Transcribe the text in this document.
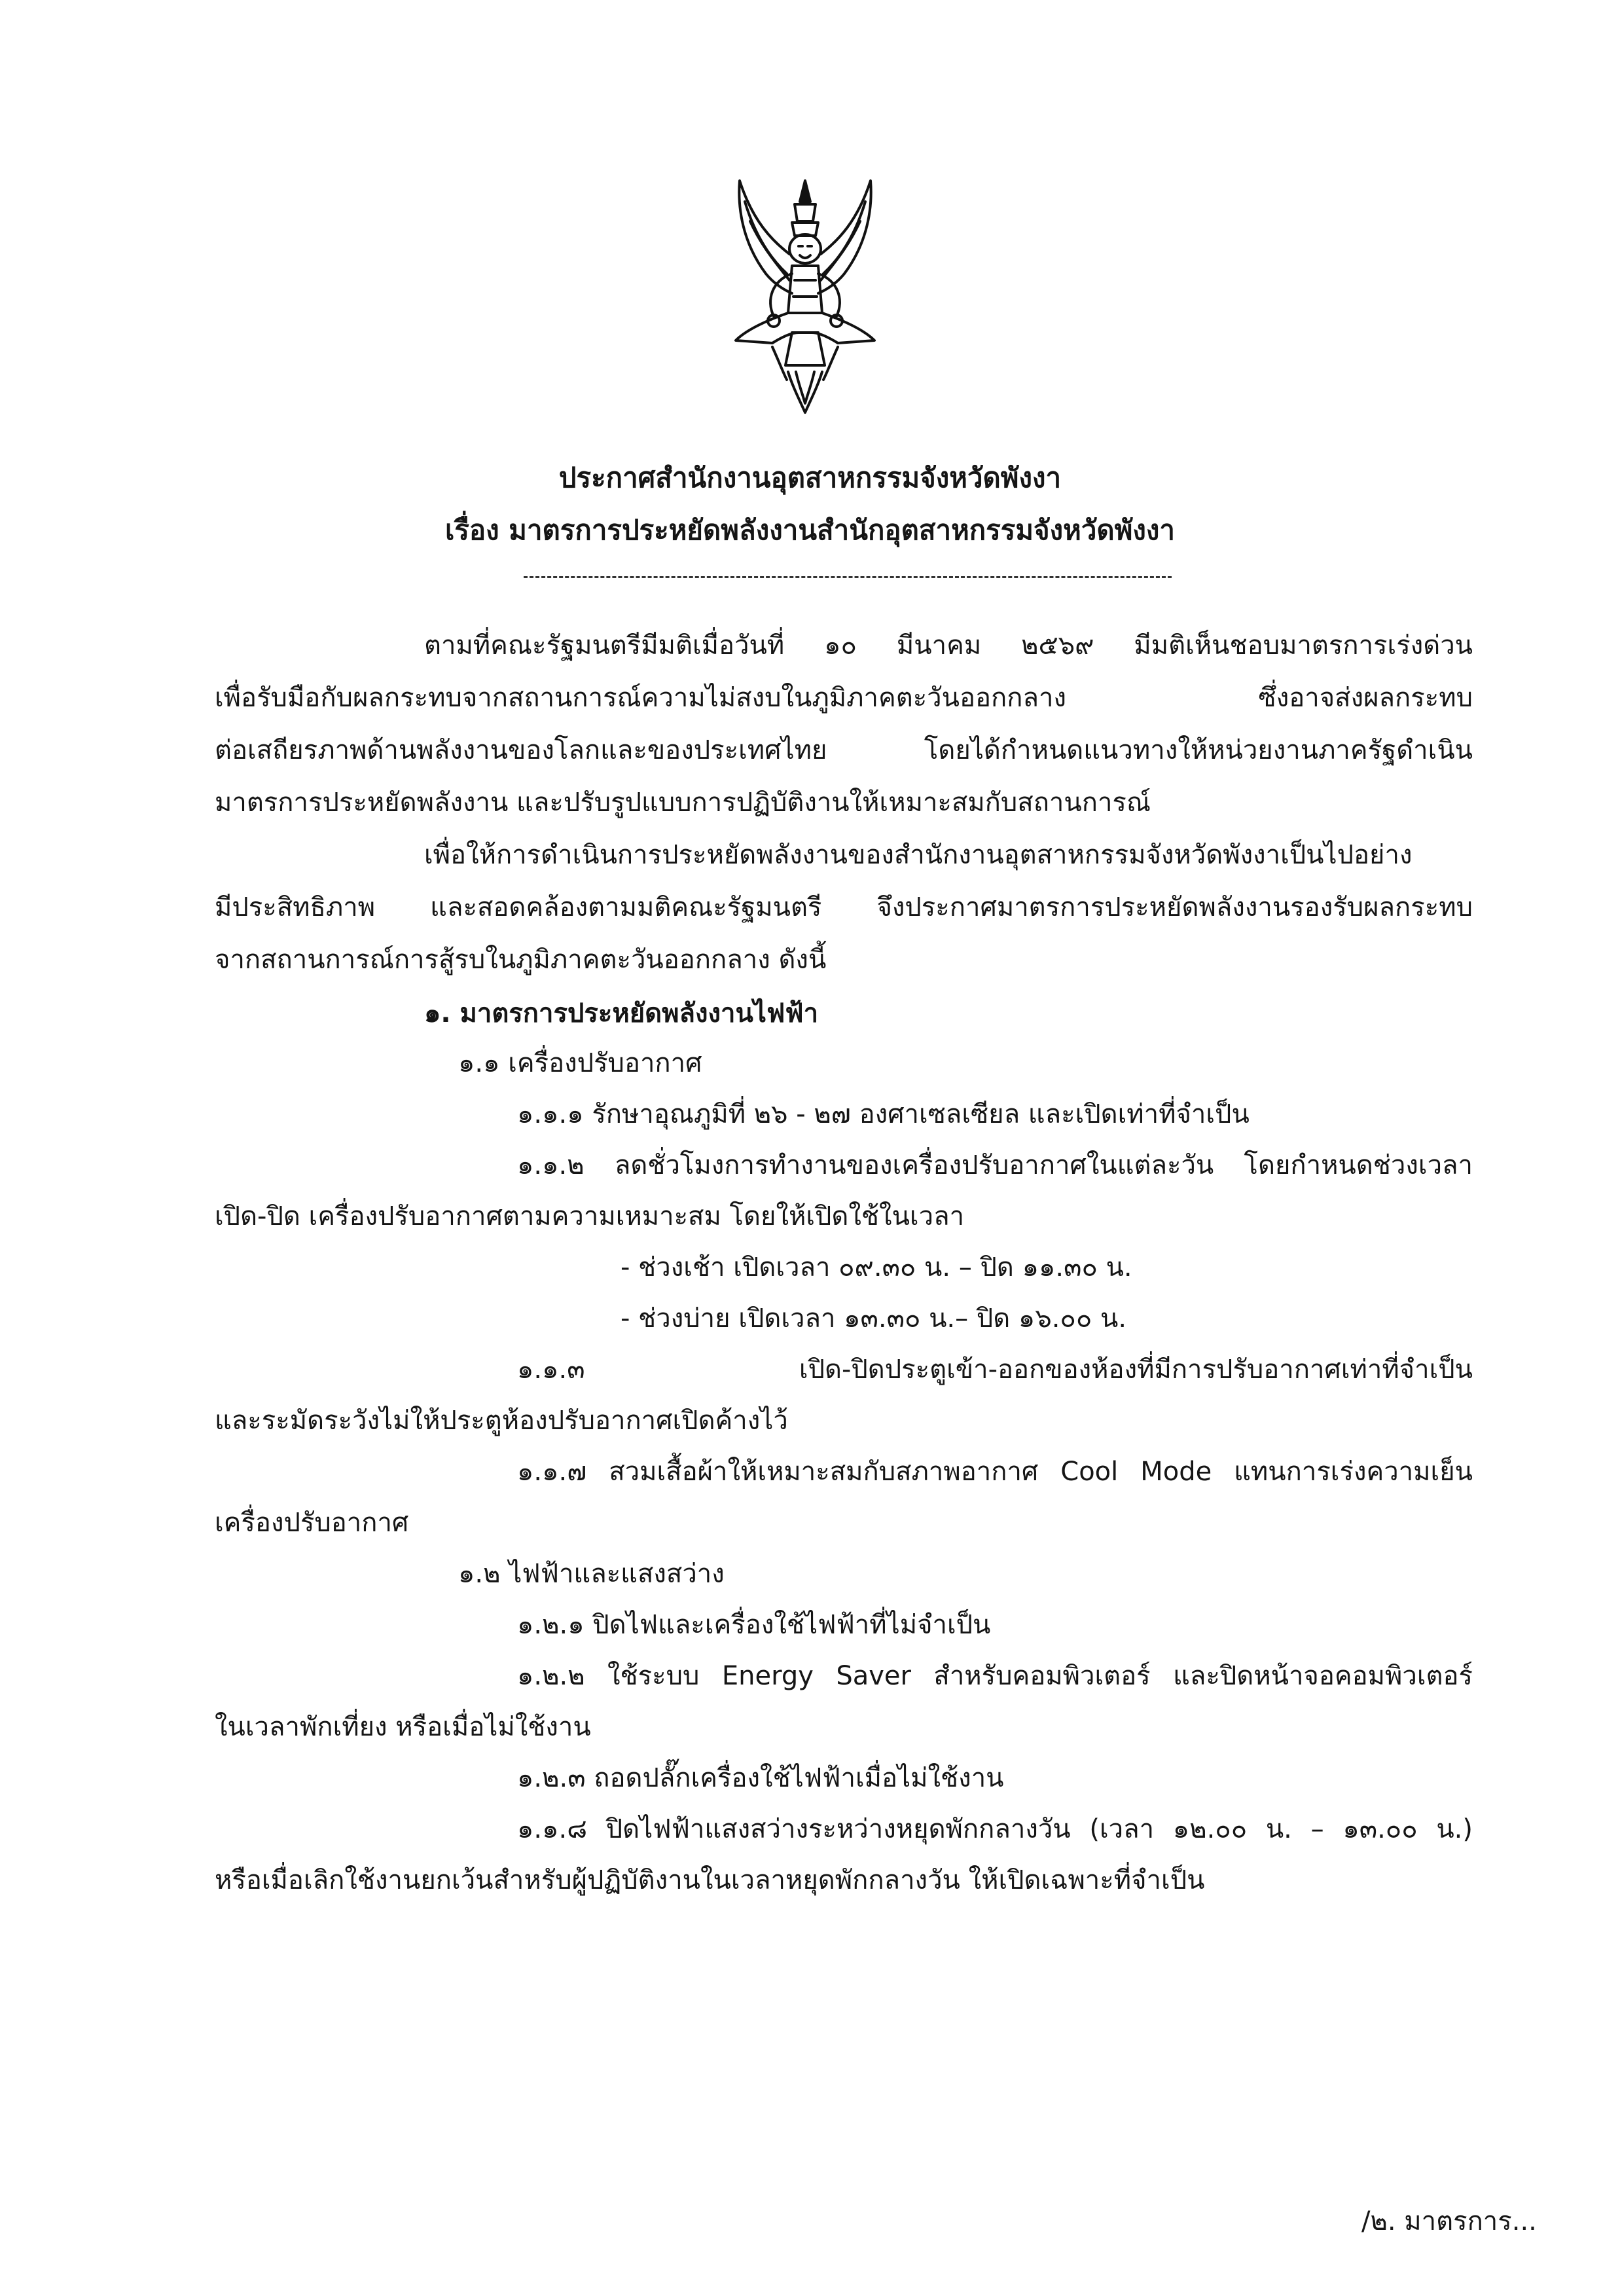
ประกาศสำนักงานอุตสาหกรรมจังหวัดพังงา
เรื่อง มาตรการประหยัดพลังงานสำนักอุตสาหกรรมจังหวัดพังงา
ตามที่คณะรัฐมนตรีมีมติเมื่อวันที่ ๑๐ มีนาคม ๒๕๖๙ มีมติเห็นชอบมาตรการเร่งด่วน
เพื่อรับมือกับผลกระทบจากสถานการณ์ความไม่สงบในภูมิภาคตะวันออกกลาง ซึ่งอาจส่งผลกระทบ
ต่อเสถียรภาพด้านพลังงานของโลกและของประเทศไทย โดยได้กำหนดแนวทางให้หน่วยงานภาครัฐดำเนิน
มาตรการประหยัดพลังงาน และปรับรูปแบบการปฏิบัติงานให้เหมาะสมกับสถานการณ์
เพื่อให้การดำเนินการประหยัดพลังงานของสำนักงานอุตสาหกรรมจังหวัดพังงาเป็นไปอย่าง
มีประสิทธิภาพ และสอดคล้องตามมติคณะรัฐมนตรี จึงประกาศมาตรการประหยัดพลังงานรองรับผลกระทบ
จากสถานการณ์การสู้รบในภูมิภาคตะวันออกกลาง ดังนี้
๑. มาตรการประหยัดพลังงานไฟฟ้า
๑.๑ เครื่องปรับอากาศ
๑.๑.๑ รักษาอุณภูมิที่ ๒๖ - ๒๗ องศาเซลเซียล และเปิดเท่าที่จำเป็น
๑.๑.๒ ลดชั่วโมงการทำงานของเครื่องปรับอากาศในแต่ละวัน โดยกำหนดช่วงเวลา
เปิด-ปิด เครื่องปรับอากาศตามความเหมาะสม โดยให้เปิดใช้ในเวลา
- ช่วงเช้า เปิดเวลา ๐๙.๓๐ น. – ปิด ๑๑.๓๐ น.
- ช่วงบ่าย เปิดเวลา ๑๓.๓๐ น.– ปิด ๑๖.๐๐ น.
๑.๑.๓ เปิด-ปิดประตูเข้า-ออกของห้องที่มีการปรับอากาศเท่าที่จำเป็น
และระมัดระวังไม่ให้ประตูห้องปรับอากาศเปิดค้างไว้
๑.๑.๗ สวมเสื้อผ้าให้เหมาะสมกับสภาพอากาศ Cool Mode แทนการเร่งความเย็น
เครื่องปรับอากาศ
๑.๒ ไฟฟ้าและแสงสว่าง
๑.๒.๑ ปิดไฟและเครื่องใช้ไฟฟ้าที่ไม่จำเป็น
๑.๒.๒ ใช้ระบบ Energy Saver สำหรับคอมพิวเตอร์ และปิดหน้าจอคอมพิวเตอร์
ในเวลาพักเที่ยง หรือเมื่อไม่ใช้งาน
๑.๒.๓ ถอดปลั๊กเครื่องใช้ไฟฟ้าเมื่อไม่ใช้งาน
๑.๑.๘ ปิดไฟฟ้าแสงสว่างระหว่างหยุดพักกลางวัน (เวลา ๑๒.๐๐ น. – ๑๓.๐๐ น.)
หรือเมื่อเลิกใช้งานยกเว้นสำหรับผู้ปฏิบัติงานในเวลาหยุดพักกลางวัน ให้เปิดเฉพาะที่จำเป็น
/๒. มาตรการ...
